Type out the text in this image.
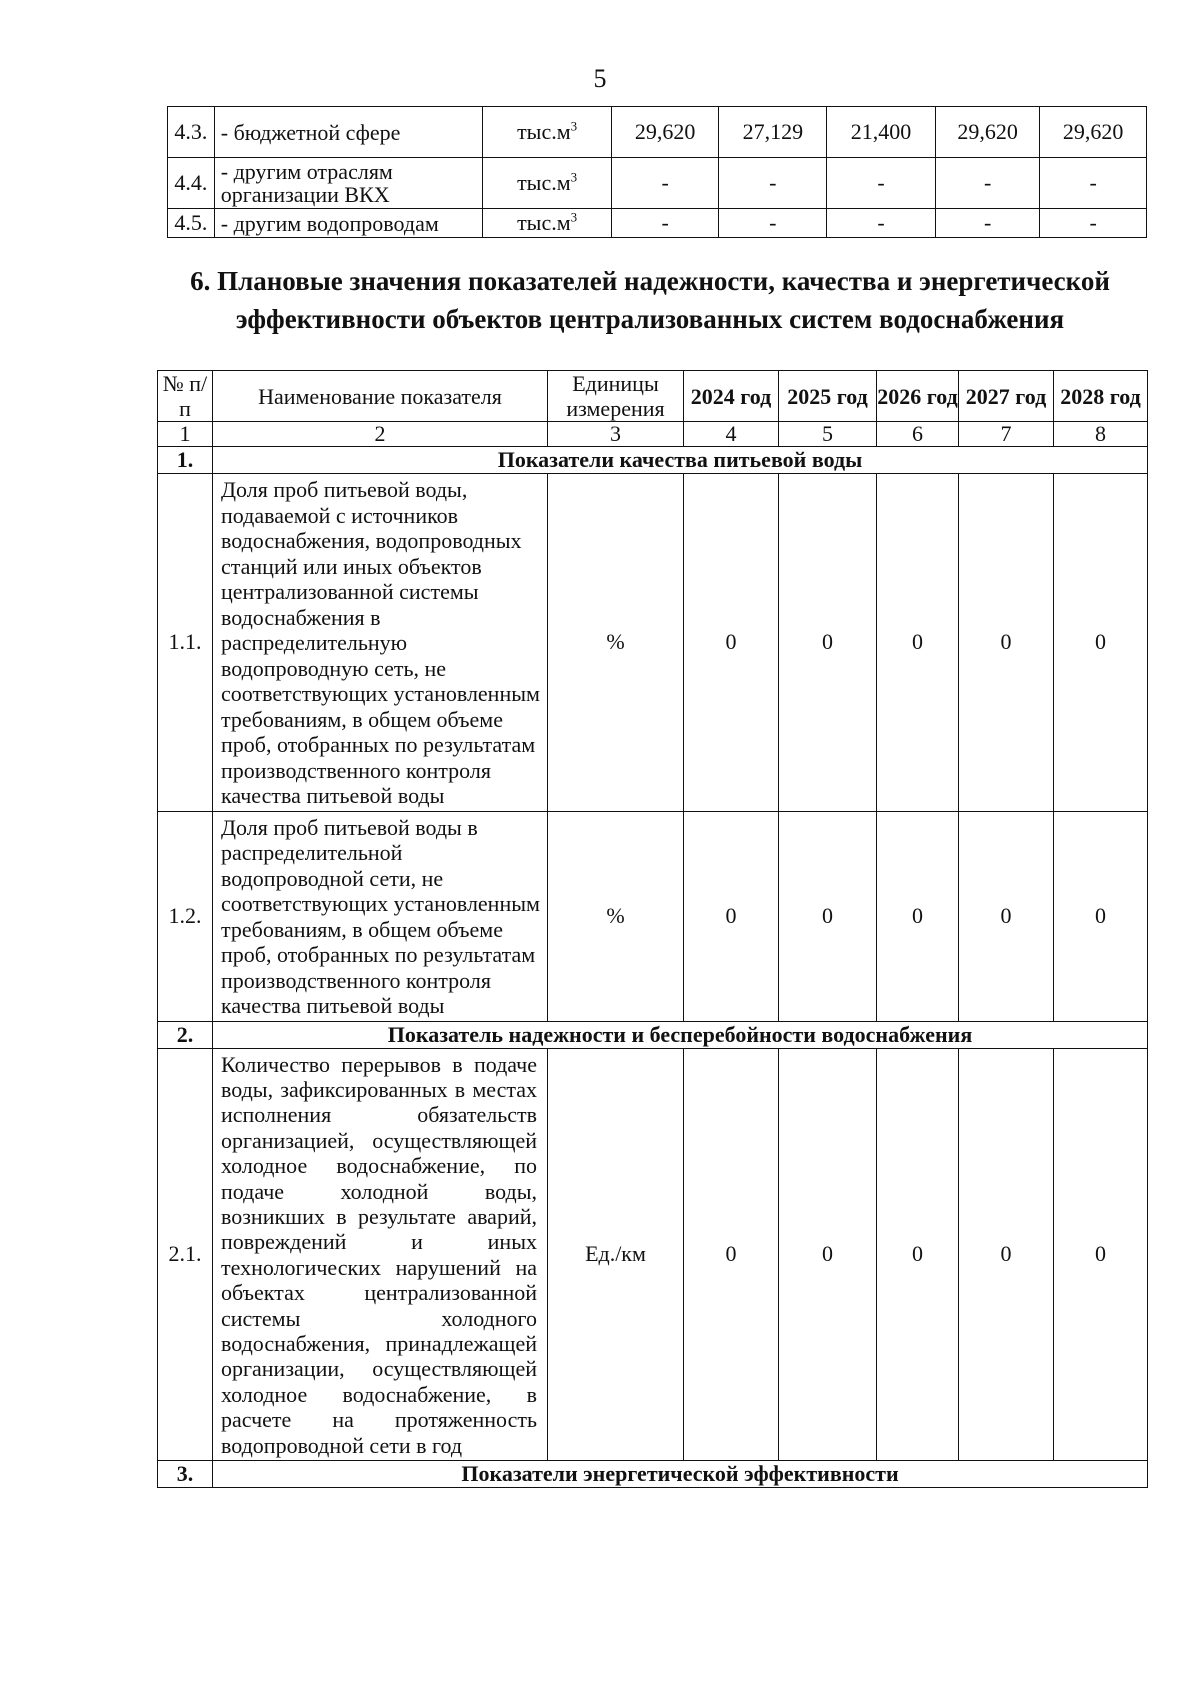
5
4.3.	- бюджетной сфере	$тыс.м^3$	29,620	27,129	21,400	29,620	29,620
4.4.	- другим отраслям организации ВКХ	$тыс.м^3$	-	-	-	-	-
4.5.	- другим водопроводам	$тыс.м^3$	-	-	-	-	-
6. Плановые значения показателей надежности, качества и энергетической эффективности объектов централизованных систем водоснабжения
№ п/п	Наименование показателя	Единицы измерения	2024 год	2025 год	2026 год	2027 год	2028 год
1	2	3	4	5	6	7	8
1.	Показатели качества питьевой воды						
1.1.	Доля проб питьевой воды, подаваемой с источников водоснабжения, водопроводных станций или иных объектов централизованной системы водоснабжения в распределительную водопроводную сеть, не соответствующих установленным требованиям, в общем объеме проб, отобранных по результатам производственного контроля качества питьевой воды	%	0	0	0	0	0
1.2.	Доля проб питьевой воды в распределительной водопроводной сети, не соответствующих установленным требованиям, в общем объеме проб, отобранных по результатам производственного контроля качества питьевой воды	%	0	0	0	0	0
2.	Показатель надежности и бесперебойности водоснабжения						
2.1.	Количество перерывов в подаче воды, зафиксированных в местах исполнения обязательств организацией, осуществляющей холодное водоснабжение, по подаче холодной воды, возникших в результате аварий, повреждений и иных технологических нарушений на объектах централизованной системы холодного водоснабжения, принадлежащей организации, осуществляющей холодное водоснабжение, в расчете на протяженность водопроводной сети в год	Ед./км	0	0	0	0	0
3.	Показатели энергетической эффективности						
